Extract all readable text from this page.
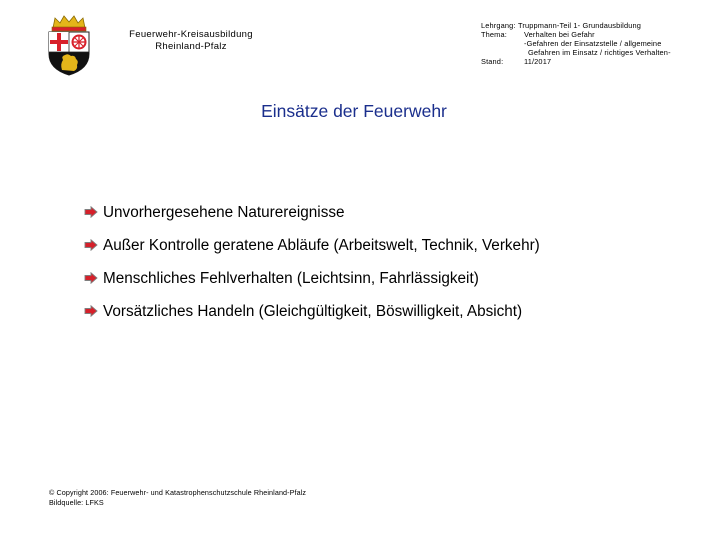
Feuerwehr-Kreisausbildung
Rheinland-Pfalz
Lehrgang: Truppmann-Teil 1- Grundausbildung
Thema: Verhalten bei Gefahr
-Gefahren der Einsatzstelle / allgemeine
Gefahren im Einsatz / richtiges Verhalten-
Stand:	11/2017
Einsätze der Feuerwehr
Unvorhergesehene Naturereignisse
Außer Kontrolle geratene Abläufe (Arbeitswelt, Technik, Verkehr)
Menschliches Fehlverhalten (Leichtsinn, Fahrlässigkeit)
Vorsätzliches Handeln (Gleichgültigkeit, Böswilligkeit, Absicht)
© Copyright 2006: Feuerwehr- und Katastrophenschutzschule Rheinland-Pfalz
Bildquelle: LFKS
